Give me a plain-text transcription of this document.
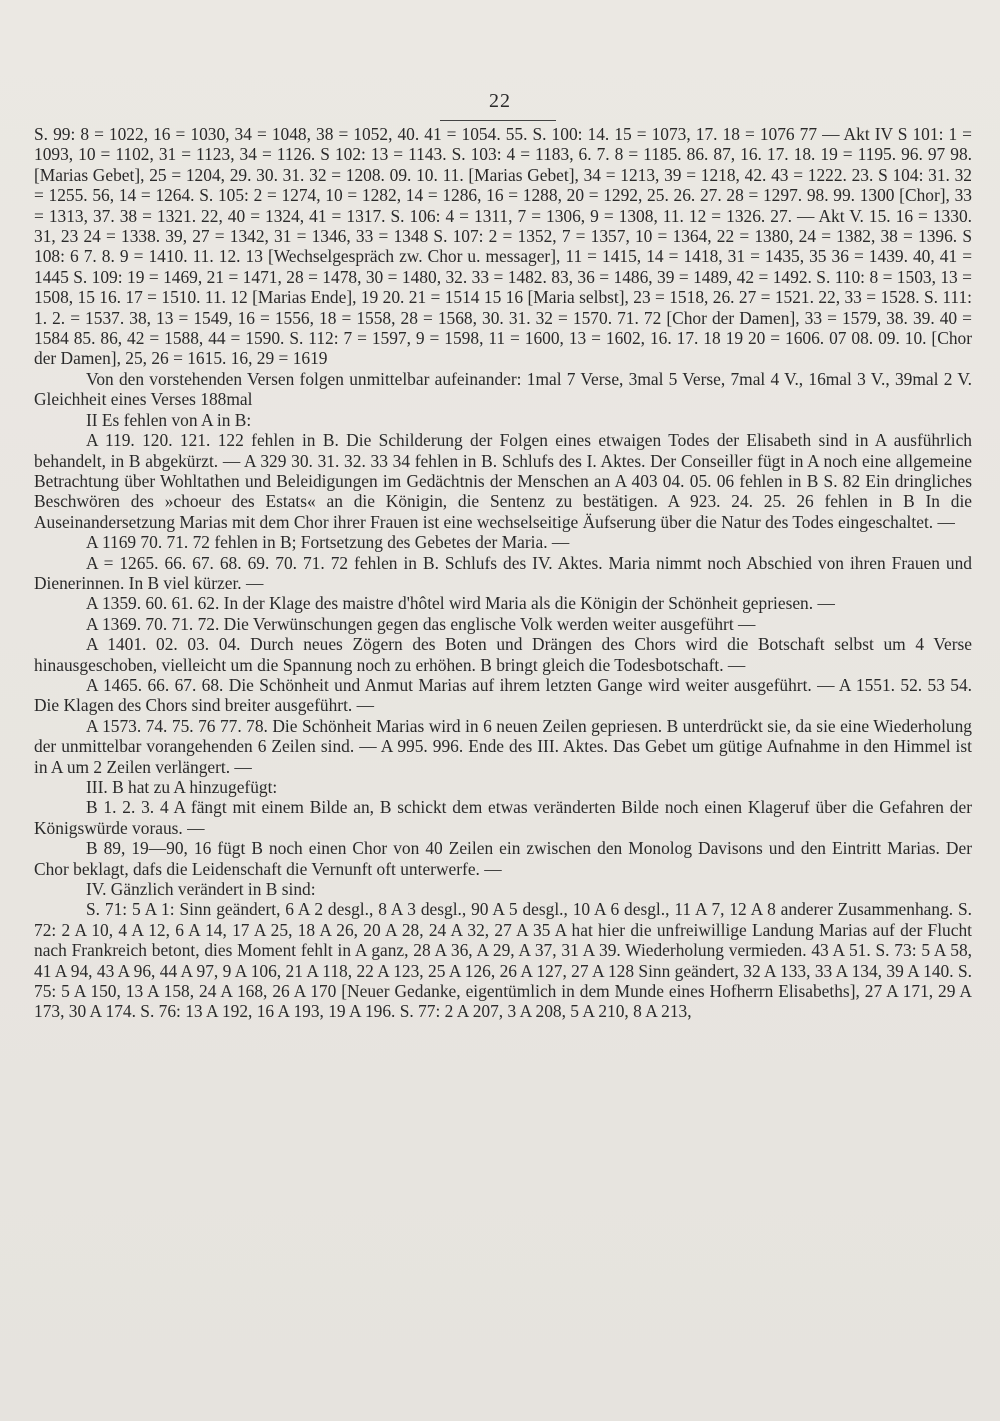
22

S. 99: 8 = 1022, 16 = 1030, 34 = 1048, 38 = 1052, 40. 41 = 1054. 55. S. 100: 14. 15 = 1073, 17. 18 = 1076 77 — Akt IV S 101: 1 = 1093, 10 = 1102, 31 = 1123, 34 = 1126. S 102: 13 = 1143. S. 103: 4 = 1183, 6. 7. 8 = 1185. 86. 87, 16. 17. 18. 19 = 1195. 96. 97 98. [Marias Gebet], 25 = 1204, 29. 30. 31. 32 = 1208. 09. 10. 11. [Marias Gebet], 34 = 1213, 39 = 1218, 42. 43 = 1222. 23. S 104: 31. 32 = 1255. 56, 14 = 1264. S. 105: 2 = 1274, 10 = 1282, 14 = 1286, 16 = 1288, 20 = 1292, 25. 26. 27. 28 = 1297. 98. 99. 1300 [Chor], 33 = 1313, 37. 38 = 1321. 22, 40 = 1324, 41 = 1317. S. 106: 4 = 1311, 7 = 1306, 9 = 1308, 11. 12 = 1326. 27. — Akt V. 15. 16 = 1330. 31, 23 24 = 1338. 39, 27 = 1342, 31 = 1346, 33 = 1348 S. 107: 2 = 1352, 7 = 1357, 10 = 1364, 22 = 1380, 24 = 1382, 38 = 1396. S 108: 6 7. 8. 9 = 1410. 11. 12. 13 [Wechselgespräch zw. Chor u. messager], 11 = 1415, 14 = 1418, 31 = 1435, 35 36 = 1439. 40, 41 = 1445 S. 109: 19 = 1469, 21 = 1471, 28 = 1478, 30 = 1480, 32. 33 = 1482. 83, 36 = 1486, 39 = 1489, 42 = 1492. S. 110: 8 = 1503, 13 = 1508, 15 16. 17 = 1510. 11. 12 [Marias Ende], 19 20. 21 = 1514 15 16 [Maria selbst], 23 = 1518, 26. 27 = 1521. 22, 33 = 1528. S. 111: 1. 2. = 1537. 38, 13 = 1549, 16 = 1556, 18 = 1558, 28 = 1568, 30. 31. 32 = 1570. 71. 72 [Chor der Damen], 33 = 1579, 38. 39. 40 = 1584 85. 86, 42 = 1588, 44 = 1590. S. 112: 7 = 1597, 9 = 1598, 11 = 1600, 13 = 1602, 16. 17. 18 19 20 = 1606. 07 08. 09. 10. [Chor der Damen], 25, 26 = 1615. 16, 29 = 1619

Von den vorstehenden Versen folgen unmittelbar aufeinander: 1mal 7 Verse, 3mal 5 Verse, 7mal 4 V., 16mal 3 V., 39mal 2 V. Gleichheit eines Verses 188mal

II Es fehlen von A in B:

A 119. 120. 121. 122 fehlen in B. Die Schilderung der Folgen eines etwaigen Todes der Elisabeth sind in A ausführlich behandelt, in B abgekürzt. — A 329 30. 31. 32. 33 34 fehlen in B. Schlufs des I. Aktes. Der Conseiller fügt in A noch eine allgemeine Betrachtung über Wohltathen und Beleidigungen im Gedächtnis der Menschen an A 403 04. 05. 06 fehlen in B S. 82 Ein dringliches Beschwören des »choeur des Estats« an die Königin, die Sentenz zu bestätigen. A 923. 24. 25. 26 fehlen in B In die Auseinandersetzung Marias mit dem Chor ihrer Frauen ist eine wechselseitige Äufserung über die Natur des Todes eingeschaltet. —

A 1169 70. 71. 72 fehlen in B; Fortsetzung des Gebetes der Maria. —

A = 1265. 66. 67. 68. 69. 70. 71. 72 fehlen in B. Schlufs des IV. Aktes. Maria nimmt noch Abschied von ihren Frauen und Dienerinnen. In B viel kürzer. —

A 1359. 60. 61. 62. In der Klage des maistre d'hôtel wird Maria als die Königin der Schönheit gepriesen. —

A 1369. 70. 71. 72. Die Verwünschungen gegen das englische Volk werden weiter ausgeführt —

A 1401. 02. 03. 04. Durch neues Zögern des Boten und Drängen des Chors wird die Botschaft selbst um 4 Verse hinausgeschoben, vielleicht um die Spannung noch zu erhöhen. B bringt gleich die Todesbotschaft. —

A 1465. 66. 67. 68. Die Schönheit und Anmut Marias auf ihrem letzten Gange wird weiter ausgeführt. — A 1551. 52. 53 54. Die Klagen des Chors sind breiter ausgeführt. —

A 1573. 74. 75. 76 77. 78. Die Schönheit Marias wird in 6 neuen Zeilen gepriesen. B unterdrückt sie, da sie eine Wiederholung der unmittelbar vorangehenden 6 Zeilen sind. — A 995. 996. Ende des III. Aktes. Das Gebet um gütige Aufnahme in den Himmel ist in A um 2 Zeilen verlängert. —

III. B hat zu A hinzugefügt:

B 1. 2. 3. 4 A fängt mit einem Bilde an, B schickt dem etwas veränderten Bilde noch einen Klageruf über die Gefahren der Königswürde voraus. —

B 89, 19—90, 16 fügt B noch einen Chor von 40 Zeilen ein zwischen den Monolog Davisons und den Eintritt Marias. Der Chor beklagt, dafs die Leidenschaft die Vernunft oft unterwerfe. —

IV. Gänzlich verändert in B sind:

S. 71: 5 A 1: Sinn geändert, 6 A 2 desgl., 8 A 3 desgl., 90 A 5 desgl., 10 A 6 desgl., 11 A 7, 12 A 8 anderer Zusammenhang. S. 72: 2 A 10, 4 A 12, 6 A 14, 17 A 25, 18 A 26, 20 A 28, 24 A 32, 27 A 35 A hat hier die unfreiwillige Landung Marias auf der Flucht nach Frankreich betont, dies Moment fehlt in A ganz, 28 A 36, A 29, A 37, 31 A 39. Wiederholung vermieden. 43 A 51. S. 73: 5 A 58, 41 A 94, 43 A 96, 44 A 97, 9 A 106, 21 A 118, 22 A 123, 25 A 126, 26 A 127, 27 A 128 Sinn geändert, 32 A 133, 33 A 134, 39 A 140. S. 75: 5 A 150, 13 A 158, 24 A 168, 26 A 170 [Neuer Gedanke, eigentümlich in dem Munde eines Hofherrn Elisabeths], 27 A 171, 29 A 173, 30 A 174. S. 76: 13 A 192, 16 A 193, 19 A 196. S. 77: 2 A 207, 3 A 208, 5 A 210, 8 A 213,
